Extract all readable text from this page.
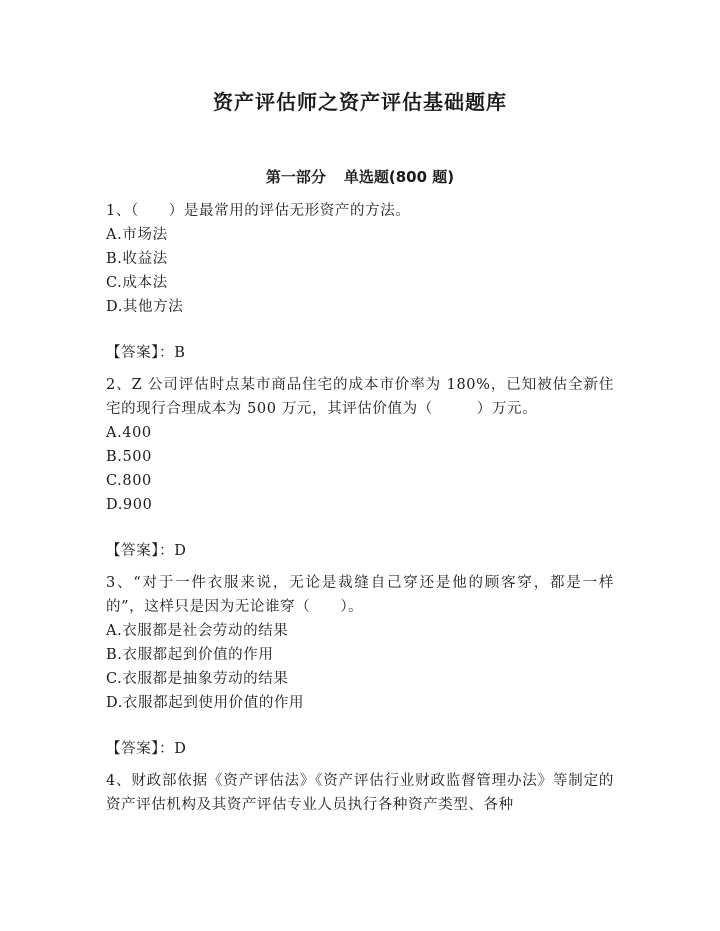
资产评估师之资产评估基础题库
第一部分 单选题(800 题)

1、（ ）是最常用的评估无形资产的方法。

A.市场法

B.收益法

C.成本法

D.其他方法

【答案】：B

2、Z 公司评估时点某市商品住宅的成本市价率为 180%，已知被估全新住宅的现行合理成本为 500 万元，其评估价值为（	）万元。

A.400

B.500

C.800

D.900

【答案】：D

3、“对于一件衣服来说，无论是裁缝自己穿还是他的顾客穿，都是一样的”，这样只是因为无论谁穿（ ）。

A.衣服都是社会劳动的结果

B.衣服都起到价值的作用

C.衣服都是抽象劳动的结果

D.衣服都起到使用价值的作用

【答案】：D

4、财政部依据《资产评估法》《资产评估行业财政监督管理办法》等制定的资产评估机构及其资产评估专业人员执行各种资产类型、各种
